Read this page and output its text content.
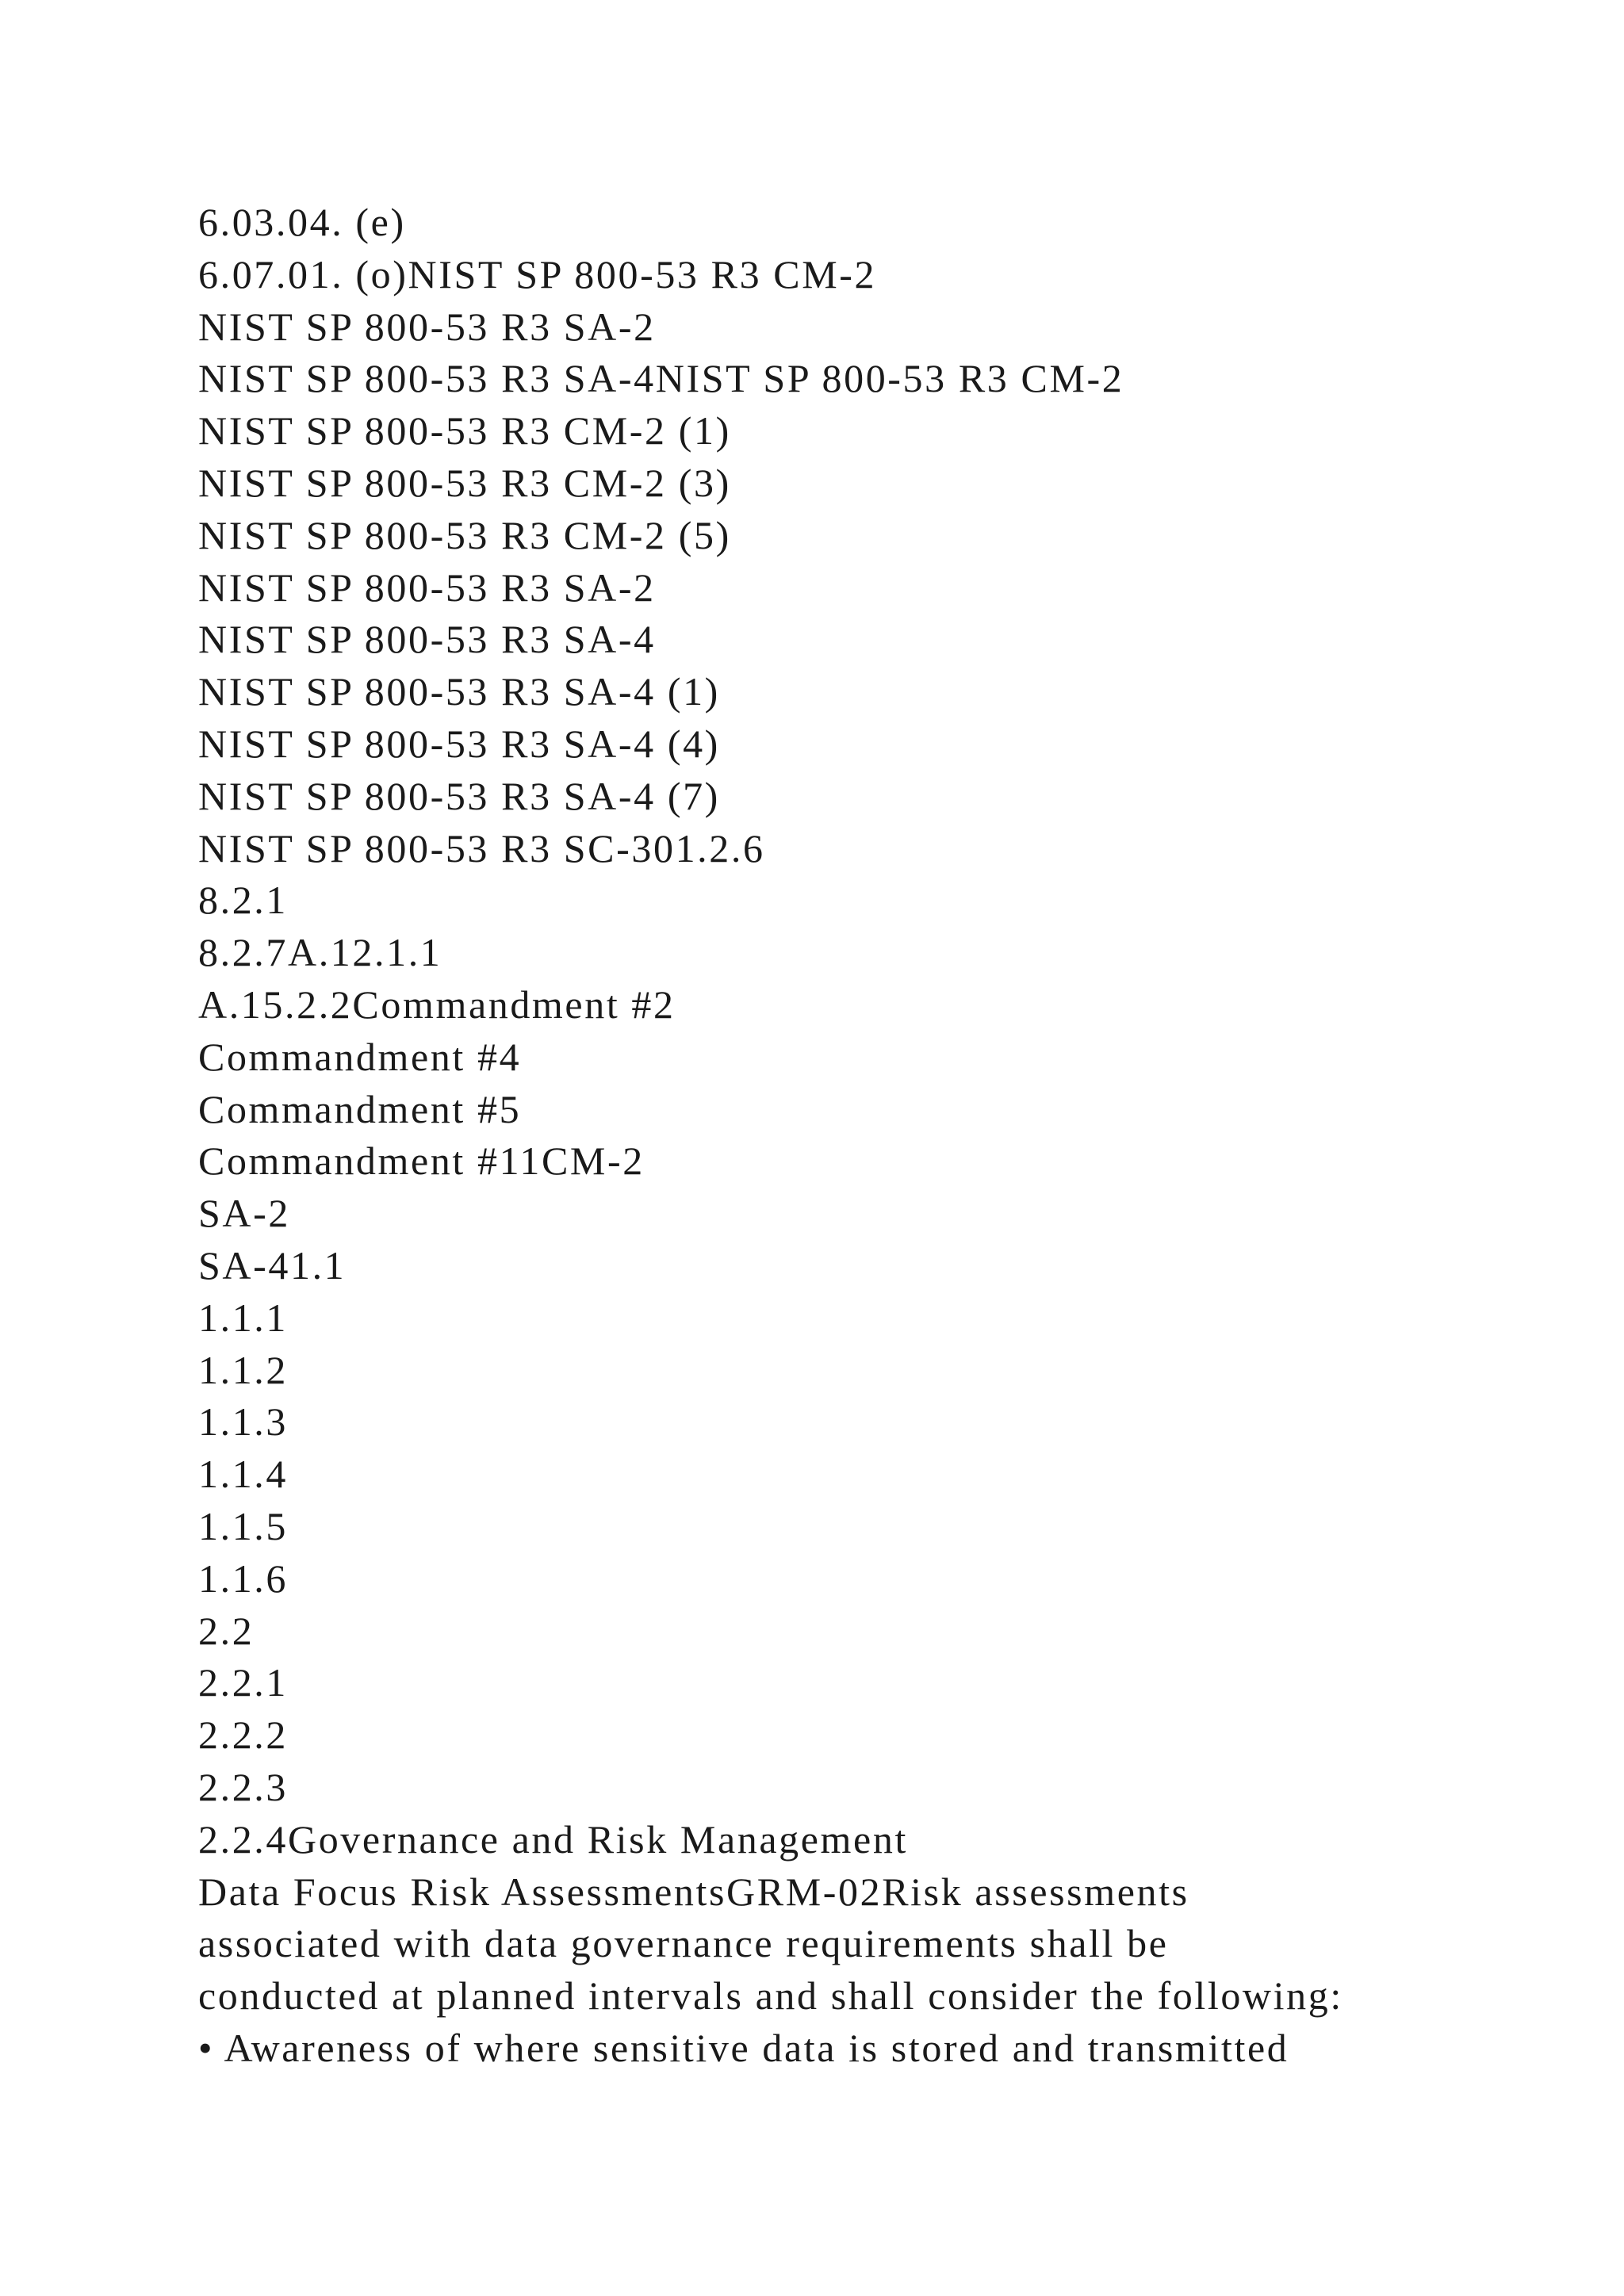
6.03.04. (e)
6.07.01. (o)NIST SP 800-53 R3 CM-2
NIST SP 800-53 R3 SA-2
NIST SP 800-53 R3 SA-4NIST SP 800-53 R3 CM-2
NIST SP 800-53 R3 CM-2 (1)
NIST SP 800-53 R3 CM-2 (3)
NIST SP 800-53 R3 CM-2 (5)
NIST SP 800-53 R3 SA-2
NIST SP 800-53 R3 SA-4
NIST SP 800-53 R3 SA-4 (1)
NIST SP 800-53 R3 SA-4 (4)
NIST SP 800-53 R3 SA-4 (7)
NIST SP 800-53 R3 SC-301.2.6
8.2.1
8.2.7A.12.1.1
A.15.2.2Commandment #2
Commandment #4
Commandment #5
Commandment #11CM-2
SA-2
SA-41.1
1.1.1
1.1.2
1.1.3
1.1.4
1.1.5
1.1.6
2.2
2.2.1
2.2.2
2.2.3
2.2.4Governance and Risk Management
Data Focus Risk AssessmentsGRM-02Risk assessments
associated with data governance requirements shall be
conducted at planned intervals and shall consider the following:
• Awareness of where sensitive data is stored and transmitted
